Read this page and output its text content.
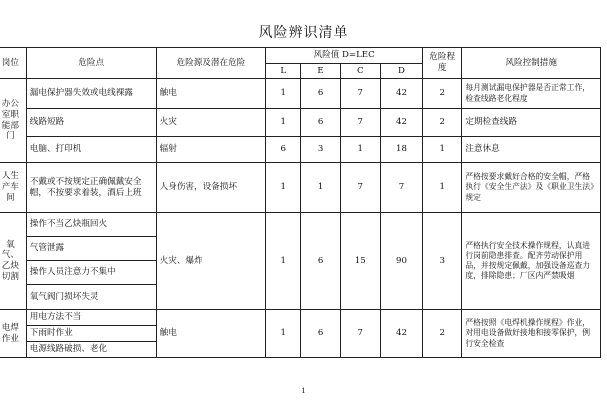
风险辨识清单
岗位	危险点	危险源及潜在危险	风险值 D=LEC				危险程度	风险控制措施
			L	E	C	D		
办公室职能部门	漏电保护器失效或电线裸露	触电	1	6	7	42	2	每月测试漏电保护器是否正常工作，检查线路老化程度
	线路短路	火灾	1	6	7	42	2	定期检查线路
	电脑、打印机	辐射	6	3	1	18	1	注意休息
人生产车间	不戴或不按规定正确佩戴安全帽，不按要求着装，酒后上班	人身伤害，设备损坏	1	1	7	7	1	严格按要求戴好合格的安全帽，严格执行《安全生产法》及《职业卫生法》规定
氧气、乙炔切割	操作不当乙炔瓶回火	火灾、爆炸	1	6	15	90	3	严格执行安全技术操作规程，认真进行岗前隐患排查。配齐劳动保护用品，并按规定佩戴，加强设备巡查力度，排除隐患；厂区内严禁吸烟
	气管泄露							
	操作人员注意力不集中							
	氧气阀门损坏失灵							
电焊作业	用电方法不当	触电	1	6	7	42	2	严格按照《电焊机操作规程》作业，对用电设备做好接地和接零保护，例行安全检查
	下雨时作业							
	电源线路破损、老化							
1
